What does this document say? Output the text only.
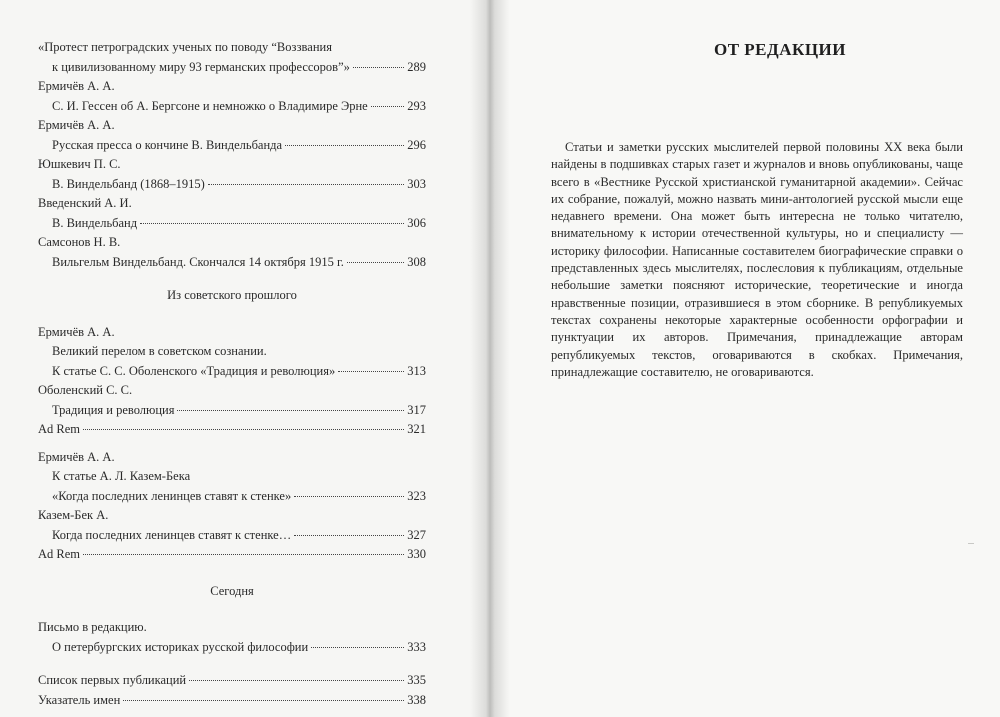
«Протест петроградских ученых по поводу “Воззвания
к цивилизованному миру 93 германских профессоров”»	289
Ермичёв А. А.
С. И. Гессен об А. Бергсоне и немножко о Владимире Эрне	293
Ермичёв А. А.
Русская пресса о кончине В. Виндельбанда	296
Юшкевич П. С.
В. Виндельбанд (1868–1915)	303
Введенский А. И.
В. Виндельбанд	306
Самсонов Н. В.
Вильгельм Виндельбанд. Скончался 14 октября 1915 г.	308
Из советского прошлого
Ермичёв А. А.
Великий перелом в советском сознании.
К статье С. С. Оболенского «Традиция и революция»	313
Оболенский С. С.
Традиция и революция	317
Ad Rem	321
Ермичёв А. А.
К статье А. Л. Казем-Бека
«Когда последних ленинцев ставят к стенке»	323
Казем-Бек А.
Когда последних ленинцев ставят к стенке…	327
Ad Rem	330
Сегодня
Письмо в редакцию.
О петербургских историках русской философии	333
Список первых публикаций	335
Указатель имен	338
ОТ РЕДАКЦИИ
Статьи и заметки русских мыслителей первой половины XX века были найдены в подшивках старых газет и журналов и вновь опубликованы, чаще всего в «Вестнике Русской христианской гуманитарной академии». Сейчас их собрание, пожалуй, можно назвать мини-антологией русской мысли еще недавнего времени. Она может быть интересна не только читателю, внимательному к истории отечественной культуры, но и специалисту — историку философии. Написанные составителем биографические справки о представленных здесь мыслителях, послесловия к публикациям, отдельные небольшие заметки поясняют исторические, теоретические и иногда нравственные позиции, отразившиеся в этом сборнике. В републикуемых текстах сохранены некоторые характерные особенности орфографии и пунктуации их авторов. Примечания, принадлежащие авторам републикуемых текстов, оговариваются в скобках. Примечания, принадлежащие составителю, не оговариваются.
